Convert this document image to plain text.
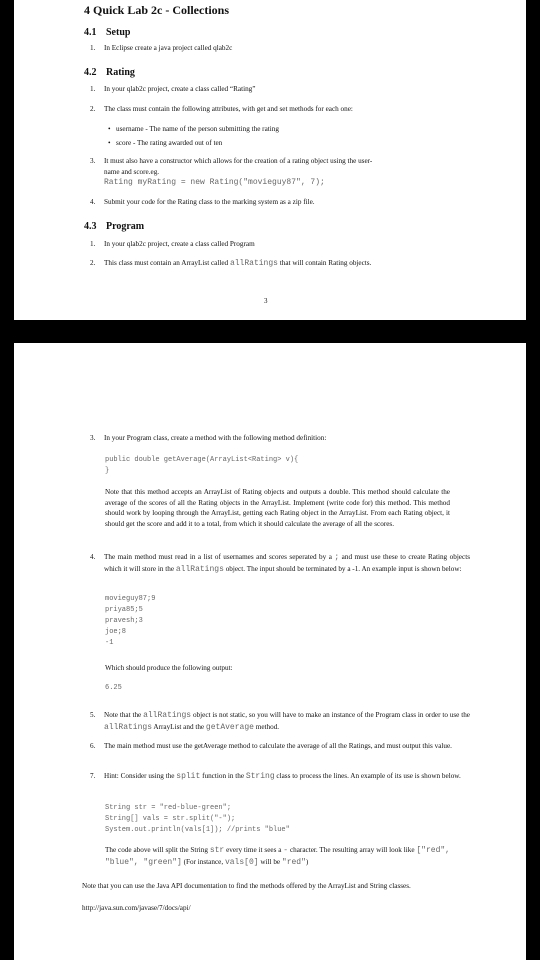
4 Quick Lab 2c - Collections
4.1 Setup
1. In Eclipse create a java project called qlab2c
4.2 Rating
1. In your qlab2c project, create a class called “Rating”
2. The class must contain the following attributes, with get and set methods for each one:
• username - The name of the person submitting the rating
• score - The rating awarded out of ten
3. It must also have a constructor which allows for the creation of a rating object using the user-
name and score.eg.
Rating myRating = new Rating("movieguy87", 7);
4. Submit your code for the Rating class to the marking system as a zip file.
4.3 Program
1. In your qlab2c project, create a class called Program
2. This class must contain an ArrayList called allRatings that will contain Rating objects.
3
3. In your Program class, create a method with the following method definition:
public double getAverage(ArrayList<Rating> v){
}
Note that this method accepts an ArrayList of Rating objects and outputs a double. This method should calculate the average of the scores of all the Rating objects in the ArrayList. Implement (write code for) this method. This method should work by looping through the ArrayList, getting each Rating object in the ArrayList. From each Rating object, it should get the score and add it to a total, from which it should calculate the average of all the scores.
4. The main method must read in a list of usernames and scores seperated by a ; and must use these to create Rating objects which it will store in the allRatings object. The input should be terminated by a -1. An example input is shown below:
movieguy87;9
priya85;5
pravesh;3
joe;8
-1
Which should produce the following output:
6.25
5. Note that the allRatings object is not static, so you will have to make an instance of the Program class in order to use the allRatings ArrayList and the getAverage method.
6. The main method must use the getAverage method to calculate the average of all the Ratings, and must output this value.
7. Hint: Consider using the split function in the String class to process the lines. An example of its use is shown below.
String str = "red-blue-green";
String[] vals = str.split("-");
System.out.println(vals[1]); //prints "blue"
The code above will split the String str every time it sees a - character. The resulting array will look like ["red", "blue", "green"] (For instance, vals[0] will be "red")
Note that you can use the Java API documentation to find the methods offered by the ArrayList and String classes.
http://java.sun.com/javase/7/docs/api/
